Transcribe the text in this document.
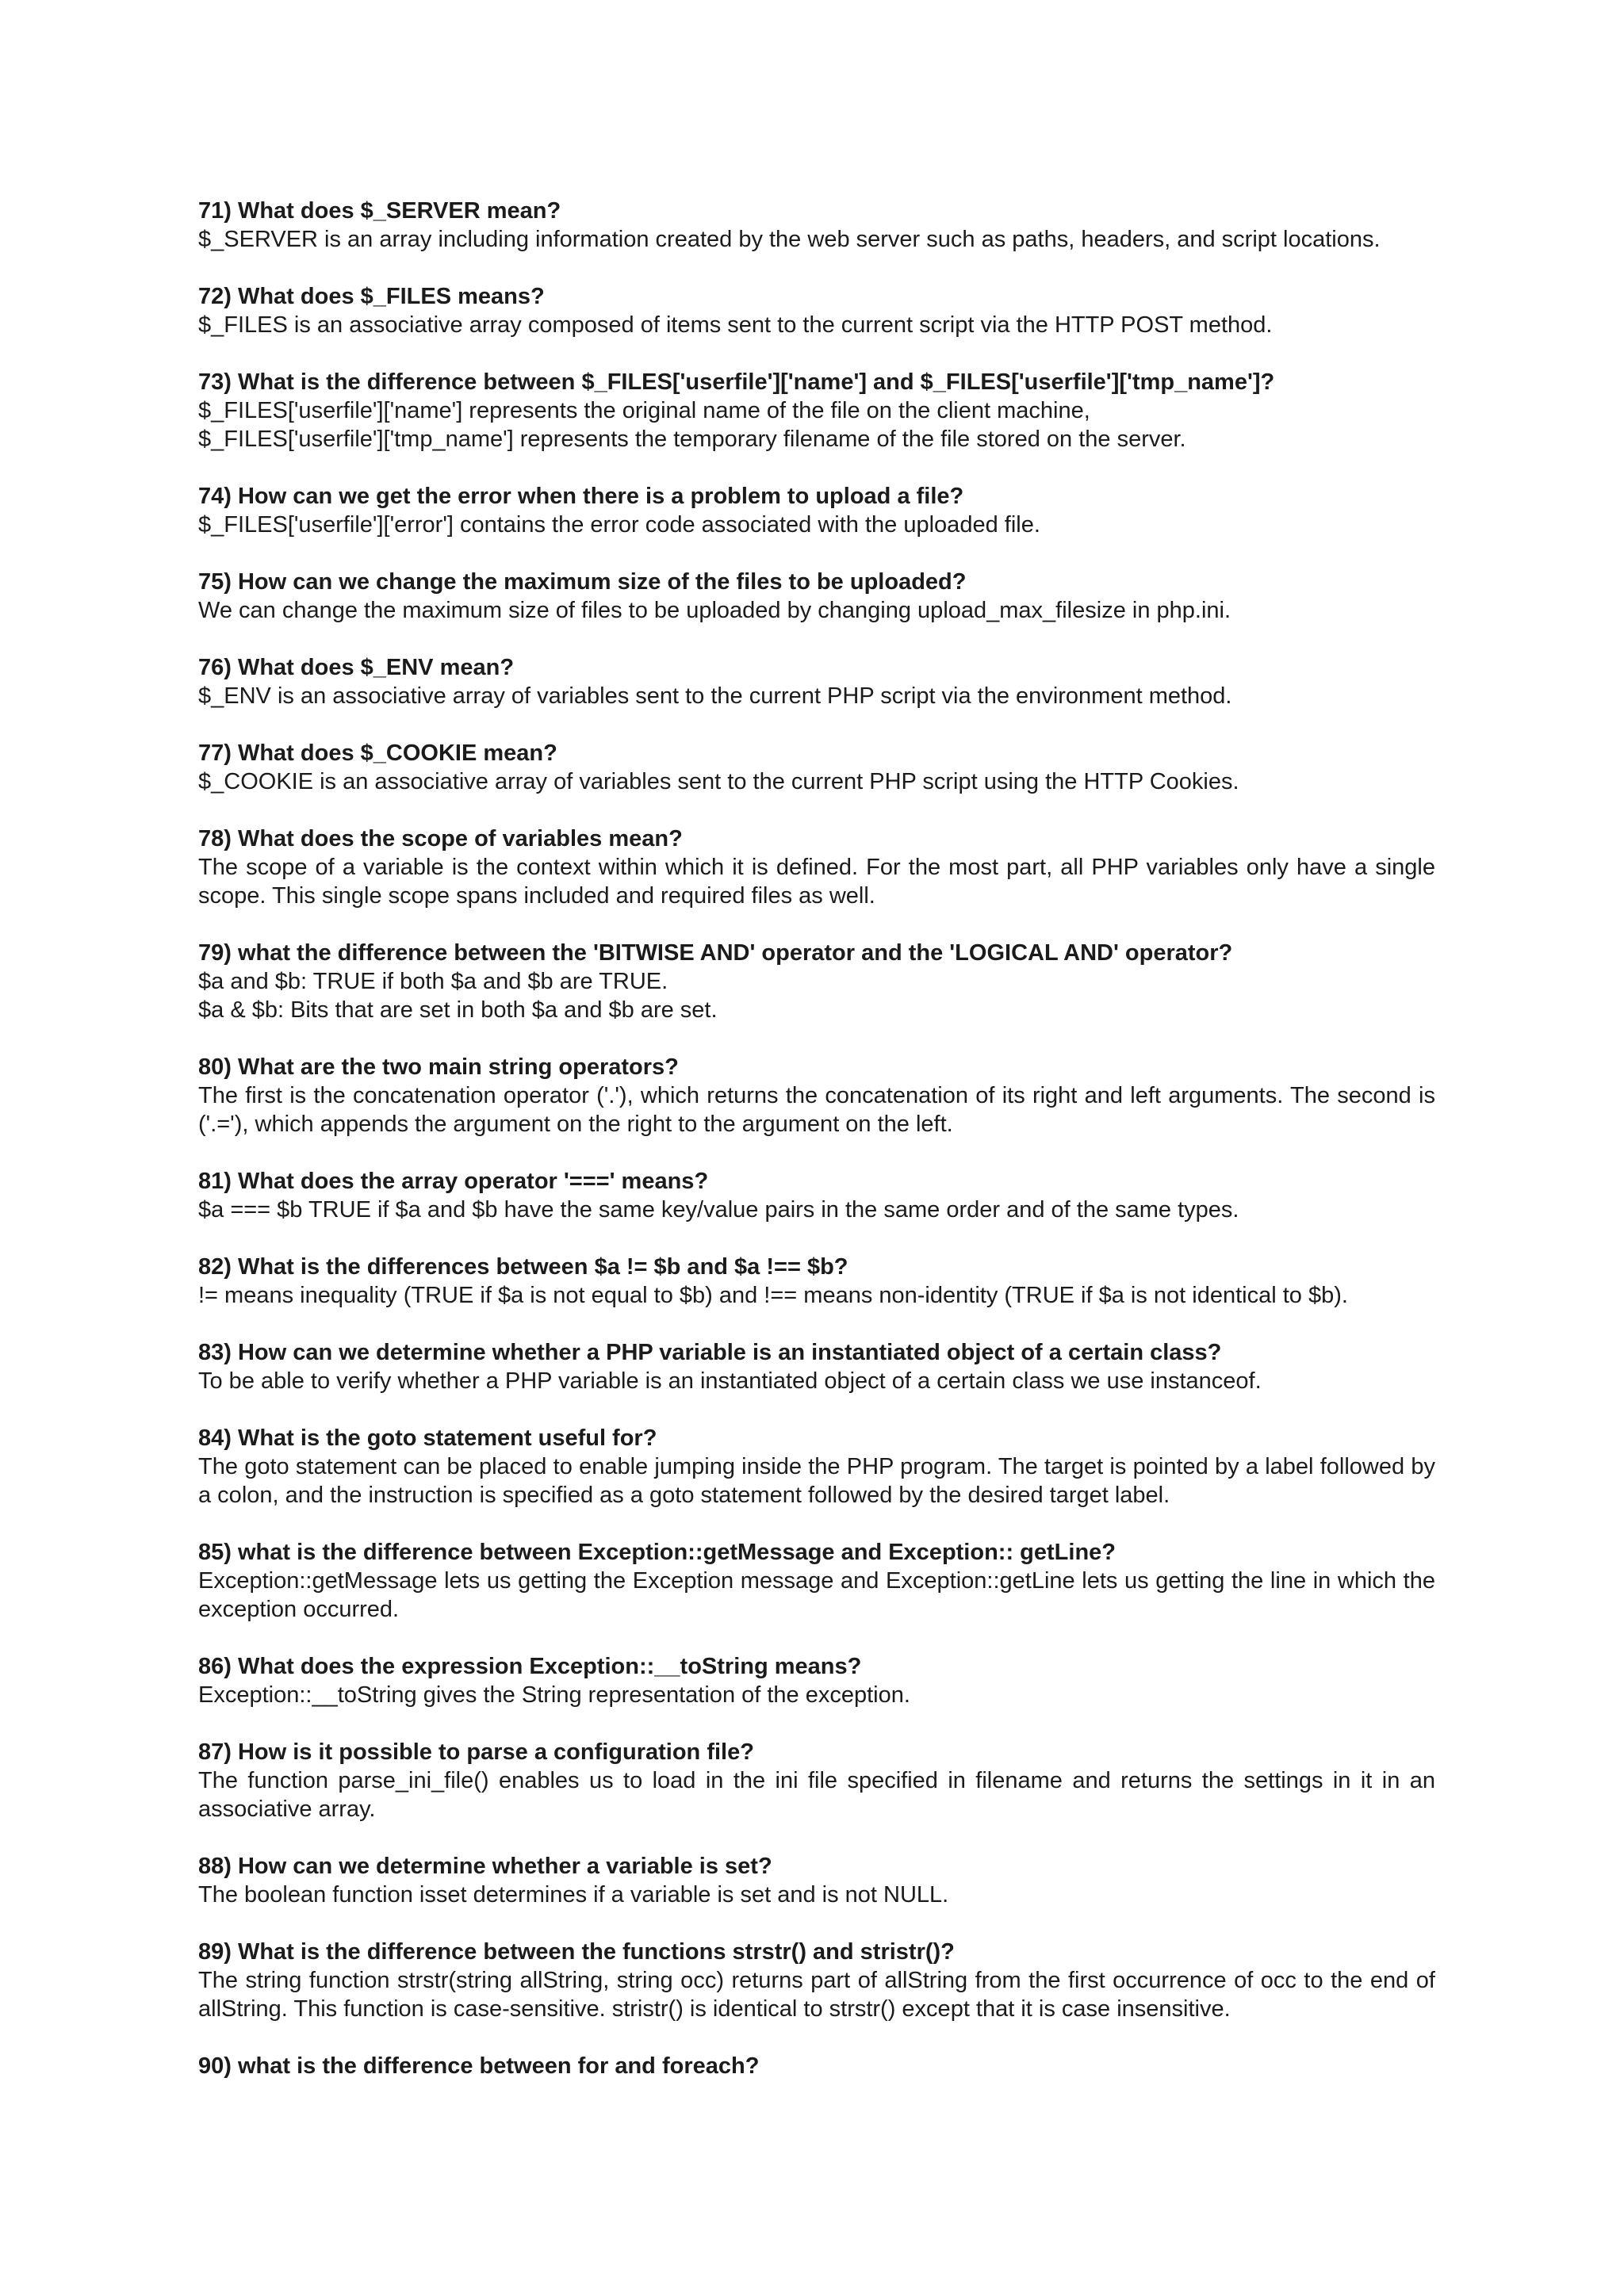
71) What does $_SERVER mean?

$_SERVER is an array including information created by the web server such as paths, headers, and script locations.

72) What does $_FILES means?

$_FILES is an associative array composed of items sent to the current script via the HTTP POST method.

73) What is the difference between $_FILES['userfile']['name'] and $_FILES['userfile']['tmp_name']?

$_FILES['userfile']['name'] represents the original name of the file on the client machine,
$_FILES['userfile']['tmp_name'] represents the temporary filename of the file stored on the server.

74) How can we get the error when there is a problem to upload a file?

$_FILES['userfile']['error'] contains the error code associated with the uploaded file.

75) How can we change the maximum size of the files to be uploaded?

We can change the maximum size of files to be uploaded by changing upload_max_filesize in php.ini.

76) What does $_ENV mean?

$_ENV is an associative array of variables sent to the current PHP script via the environment method.

77) What does $_COOKIE mean?

$_COOKIE is an associative array of variables sent to the current PHP script using the HTTP Cookies.

78) What does the scope of variables mean?

The scope of a variable is the context within which it is defined. For the most part, all PHP variables only have a single scope. This single scope spans included and required files as well.

79) what the difference between the 'BITWISE AND' operator and the 'LOGICAL AND' operator?

$a and $b: TRUE if both $a and $b are TRUE.
$a & $b: Bits that are set in both $a and $b are set.

80) What are the two main string operators?

The first is the concatenation operator ('.'), which returns the concatenation of its right and left arguments. The second is ('.='), which appends the argument on the right to the argument on the left.

81) What does the array operator '===' means?

$a === $b TRUE if $a and $b have the same key/value pairs in the same order and of the same types.

82) What is the differences between $a != $b and $a !== $b?

!= means inequality (TRUE if $a is not equal to $b) and !== means non-identity (TRUE if $a is not identical to $b).

83) How can we determine whether a PHP variable is an instantiated object of a certain class?

To be able to verify whether a PHP variable is an instantiated object of a certain class we use instanceof.

84) What is the goto statement useful for?

The goto statement can be placed to enable jumping inside the PHP program. The target is pointed by a label followed by a colon, and the instruction is specified as a goto statement followed by the desired target label.

85) what is the difference between Exception::getMessage and Exception:: getLine?

Exception::getMessage lets us getting the Exception message and Exception::getLine lets us getting the line in which the exception occurred.

86) What does the expression Exception::__toString means?

Exception::__toString gives the String representation of the exception.

87) How is it possible to parse a configuration file?

The function parse_ini_file() enables us to load in the ini file specified in filename and returns the settings in it in an associative array.

88) How can we determine whether a variable is set?

The boolean function isset determines if a variable is set and is not NULL.

89) What is the difference between the functions strstr() and stristr()?

The string function strstr(string allString, string occ) returns part of allString from the first occurrence of occ to the end of allString. This function is case-sensitive. stristr() is identical to strstr() except that it is case insensitive.

90) what is the difference between for and foreach?
